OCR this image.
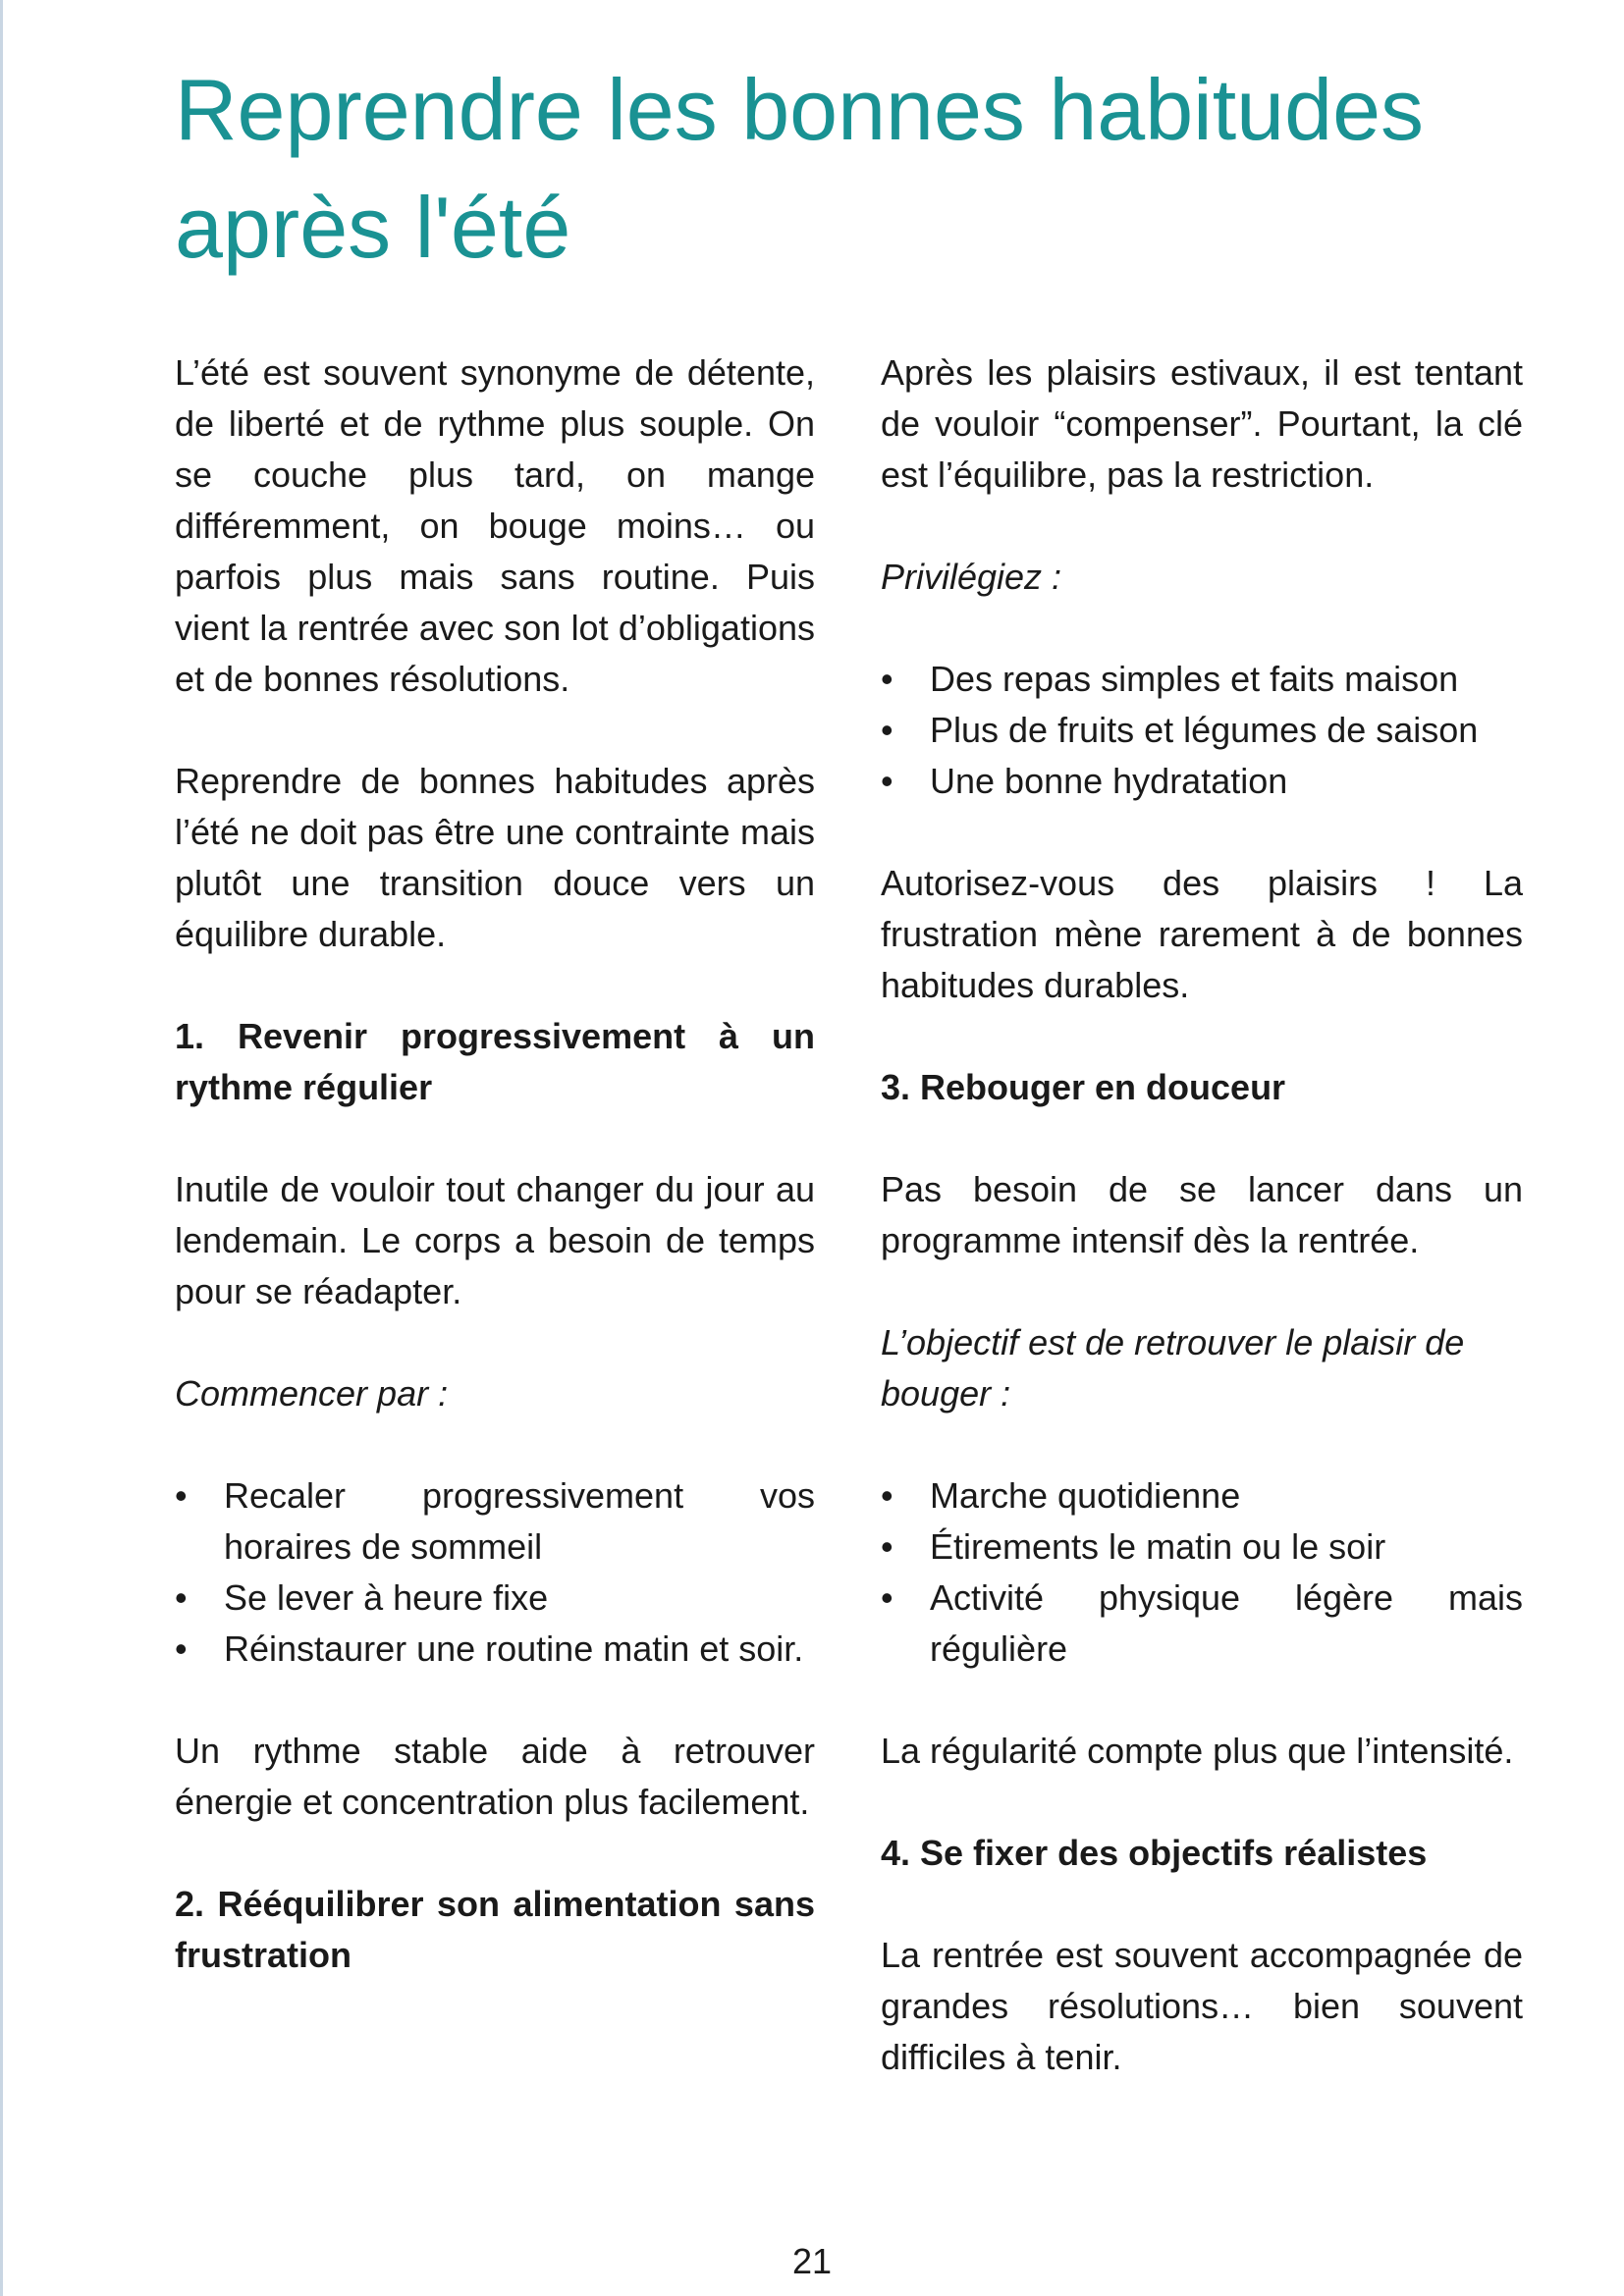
Reprendre les bonnes habitudes après l'été

L’été est souvent synonyme de détente, de liberté et de rythme plus souple. On se couche plus tard, on mange différemment, on bouge moins… ou parfois plus mais sans routine. Puis vient la rentrée avec son lot d’obligations et de bonnes résolutions.

Reprendre de bonnes habitudes après l’été ne doit pas être une contrainte mais plutôt une transition douce vers un équilibre durable.

1. Revenir progressivement à un rythme régulier

Inutile de vouloir tout changer du jour au lendemain. Le corps a besoin de temps pour se réadapter.

Commencer par :

• Recaler progressivement vos horaires de sommeil
• Se lever à heure fixe
• Réinstaurer une routine matin et soir.

Un rythme stable aide à retrouver énergie et concentration plus facilement.

2. Rééquilibrer son alimentation sans frustration

Après les plaisirs estivaux, il est tentant de vouloir “compenser”. Pourtant, la clé est l’équilibre, pas la restriction.

Privilégiez :

• Des repas simples et faits maison
• Plus de fruits et légumes de saison
• Une bonne hydratation

Autorisez-vous des plaisirs ! La frustration mène rarement à de bonnes habitudes durables.

3. Rebouger en douceur

Pas besoin de se lancer dans un programme intensif dès la rentrée.

L’objectif est de retrouver le plaisir de bouger :

• Marche quotidienne
• Étirements le matin ou le soir
• Activité physique légère mais régulière

La régularité compte plus que l’intensité.

4. Se fixer des objectifs réalistes

La rentrée est souvent accompagnée de grandes résolutions… bien souvent difficiles à tenir.

21
